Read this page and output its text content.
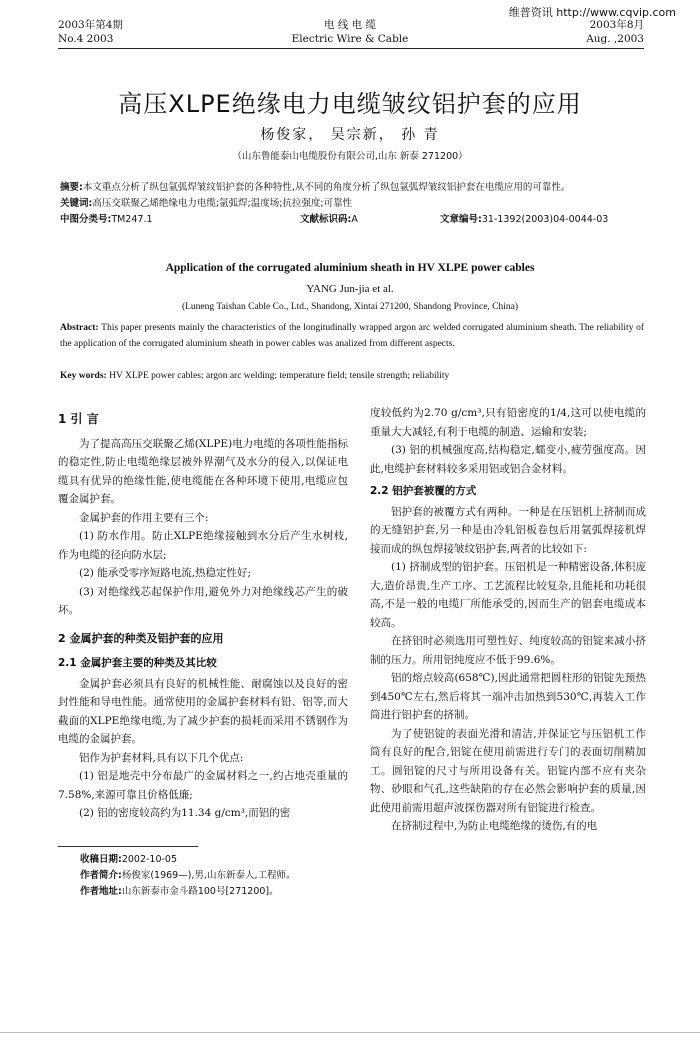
维普资讯 http://www.cqvip.com
2003年第4期
No.4 2003
电 线 电 缆
Electric Wire & Cable
2003年8月
Aug. ,2003
高压XLPE绝缘电力电缆皱纹铝护套的应用
杨俊家， 吴宗新， 孙 青
（山东鲁能泰山电缆股份有限公司,山东 新泰 271200）
摘要:本文重点分析了纵包氩弧焊皱纹铝护套的各种特性,从不同的角度分析了纵包氩弧焊皱纹铝护套在电缆应用的可靠性。
关键词:高压交联聚乙烯绝缘电力电缆;氩弧焊;温度场;抗拉强度;可靠性
中图分类号:TM247.1	文献标识码:A	文章编号:31-1392(2003)04-0044-03
Application of the corrugated aluminium sheath in HV XLPE power cables
YANG Jun-jia et al.
(Luneng Taishan Cable Co., Ltd., Shandong, Xintai 271200, Shandong Province, China)
Abstract: This paper presents mainly the characteristics of the longitudinally wrapped argon arc welded corrugated aluminium sheath. The reliability of the application of the corrugated aluminium sheath in power cables was analized from different aspects.
Key words: HV XLPE power cables; argon arc welding; temperature field; tensile strength; reliability

1 引 言

为了提高高压交联聚乙烯(XLPE)电力电缆的各项性能指标的稳定性,防止电缆绝缘层被外界潮气及水分的侵入,以保证电缆具有优异的绝缘性能,使电缆能在各种环境下使用,电缆应包覆金属护套。

金属护套的作用主要有三个:

(1) 防水作用。防止XLPE绝缘接触到水分后产生水树枝,作为电缆的径向防水层;

(2) 能承受零序短路电流,热稳定性好;

(3) 对绝缘线芯起保护作用,避免外力对绝缘线芯产生的破坏。

2 金属护套的种类及铝护套的应用

2.1 金属护套主要的种类及其比较

金属护套必须具有良好的机械性能、耐腐蚀以及良好的密封性能和导电性能。通常使用的金属护套材料有铅、铝等,而大截面的XLPE绝缘电缆,为了减少护套的损耗而采用不锈钢作为电缆的金属护套。

铝作为护套材料,具有以下几个优点:

(1) 铝是地壳中分布最广的金属材料之一,约占地壳重量的7.58%,来源可靠且价格低廉;

(2) 铝的密度较高约为11.34 g/cm³,而铝的密

收稿日期:2002-10-05
作者简介:杨俊家(1969—),男,山东新泰人,工程师。
作者地址:山东新泰市金斗路100号[271200]。

度较低约为2.70 g/cm³,只有铅密度的1/4,这可以使电缆的重量大大减轻,有利于电缆的制造、运输和安装;

(3) 铝的机械强度高,结构稳定,蠕变小,疲劳强度高。因此,电缆护套材料较多采用铝或铝合金材料。

2.2 铝护套被覆的方式

铝护套的被覆方式有两种。一种是在压铝机上挤制而成的无缝铝护套,另一种是由冷轧铝板卷包后用氩弧焊接机焊接而成的纵包焊接皱纹铝护套,两者的比较如下:

(1) 挤制成型的铝护套。压铝机是一种精密设备,体积庞大,造价昂贵,生产工序、工艺流程比较复杂,且能耗和功耗很高,不是一般的电缆厂所能承受的,因而生产的铝套电缆成本较高。

在挤铝时必须选用可塑性好、纯度较高的铝锭来减小挤制的压力。所用铝纯度应不低于99.6%。

铝的熔点较高(658℃),因此通常把圆柱形的铝锭先预热到450℃左右,然后将其一端冲击加热到530℃,再装入工作筒进行铝护套的挤制。

为了使铝锭的表面光滑和清洁,并保证它与压铝机工作筒有良好的配合,铝锭在使用前需进行专门的表面切削精加工。圆铝锭的尺寸与所用设备有关。铝锭内部不应有夹杂物、砂眼和气孔,这些缺陷的存在必然会影响护套的质量,因此使用前需用超声波探伤器对所有铝锭进行检查。

在挤制过程中,为防止电缆绝缘的烫伤,有的电
